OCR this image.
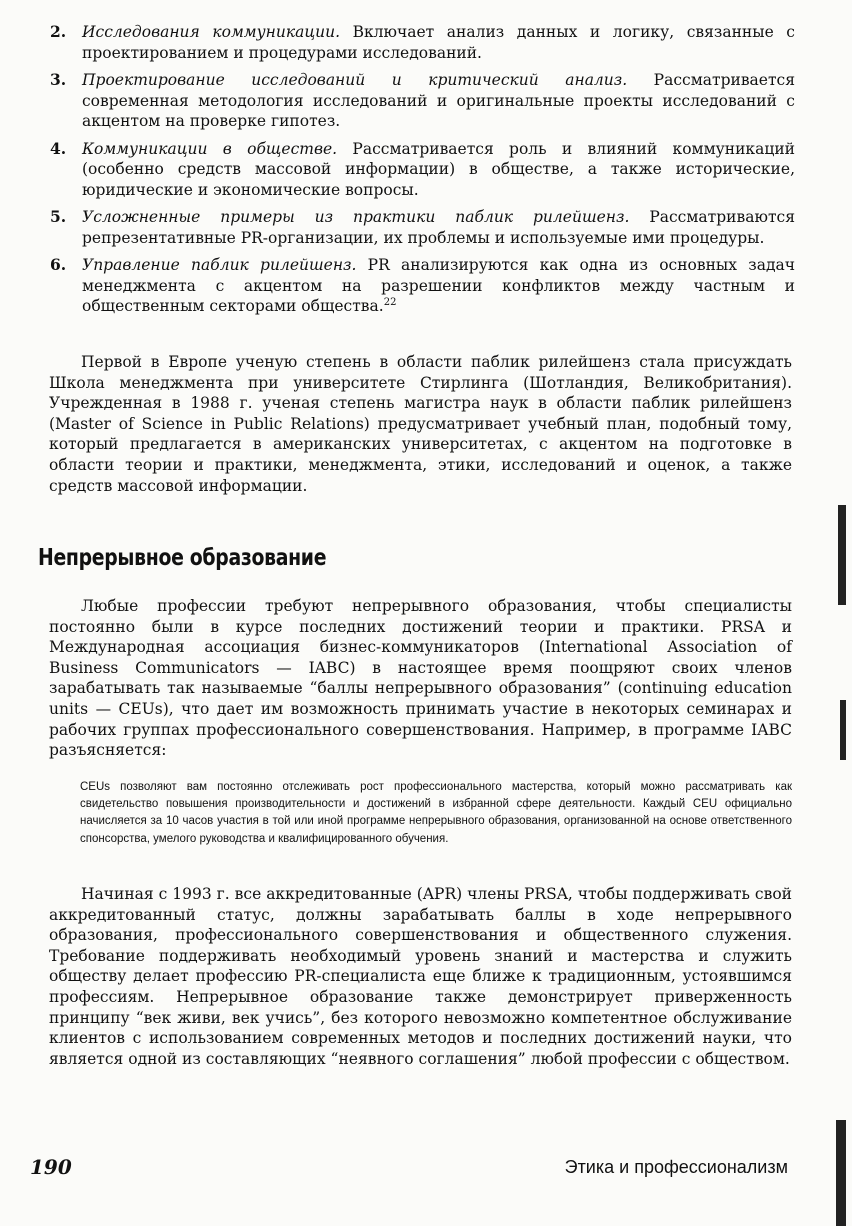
2. Исследования коммуникации. Включает анализ данных и логику, связанные с проектированием и процедурами исследований.
3. Проектирование исследований и критический анализ. Рассматривается современная методология исследований и оригинальные проекты исследований с акцентом на проверке гипотез.
4. Коммуникации в обществе. Рассматривается роль и влияний коммуникаций (особенно средств массовой информации) в обществе, а также исторические, юридические и экономические вопросы.
5. Усложненные примеры из практики паблик рилейшенз. Рассматриваются репрезентативные PR-организации, их проблемы и используемые ими процедуры.
6. Управление паблик рилейшенз. PR анализируются как одна из основных задач менеджмента с акцентом на разрешении конфликтов между частным и общественным секторами общества.$^{22}$

Первой в Европе ученую степень в области паблик рилейшенз стала присуждать Школа менеджмента при университете Стирлинга (Шотландия, Великобритания). Учрежденная в 1988 г. ученая степень магистра наук в области паблик рилейшенз (Master of Science in Public Relations) предусматривает учебный план, подобный тому, который предлагается в американских университетах, с акцентом на подготовке в области теории и практики, менеджмента, этики, исследований и оценок, а также средств массовой информации.

Непрерывное образование

Любые профессии требуют непрерывного образования, чтобы специалисты постоянно были в курсе последних достижений теории и практики. PRSA и Международная ассоциация бизнес-коммуникаторов (International Association of Business Communicators — IABC) в настоящее время поощряют своих членов зарабатывать так называемые “баллы непрерывного образования” (continuing education units — CEUs), что дает им возможность принимать участие в некоторых семинарах и рабочих группах профессионального совершенствования. Например, в программе IABC разъясняется:

CEUs позволяют вам постоянно отслеживать рост профессионального мастерства, который можно рассматривать как свидетельство повышения производительности и достижений в избранной сфере деятельности. Каждый CEU официально начисляется за 10 часов участия в той или иной программе непрерывного образования, организованной на основе ответственного спонсорства, умелого руководства и квалифицированного обучения.

Начиная с 1993 г. все аккредитованные (APR) члены PRSA, чтобы поддерживать свой аккредитованный статус, должны зарабатывать баллы в ходе непрерывного образования, профессионального совершенствования и общественного служения. Требование поддерживать необходимый уровень знаний и мастерства и служить обществу делает профессию PR-специалиста еще ближе к традиционным, устоявшимся профессиям. Непрерывное образование также демонстрирует приверженность принципу “век живи, век учись”, без которого невозможно компетентное обслуживание клиентов с использованием современных методов и последних достижений науки, что является одной из составляющих “неявного соглашения” любой профессии с обществом.

190	Этика и профессионализм
